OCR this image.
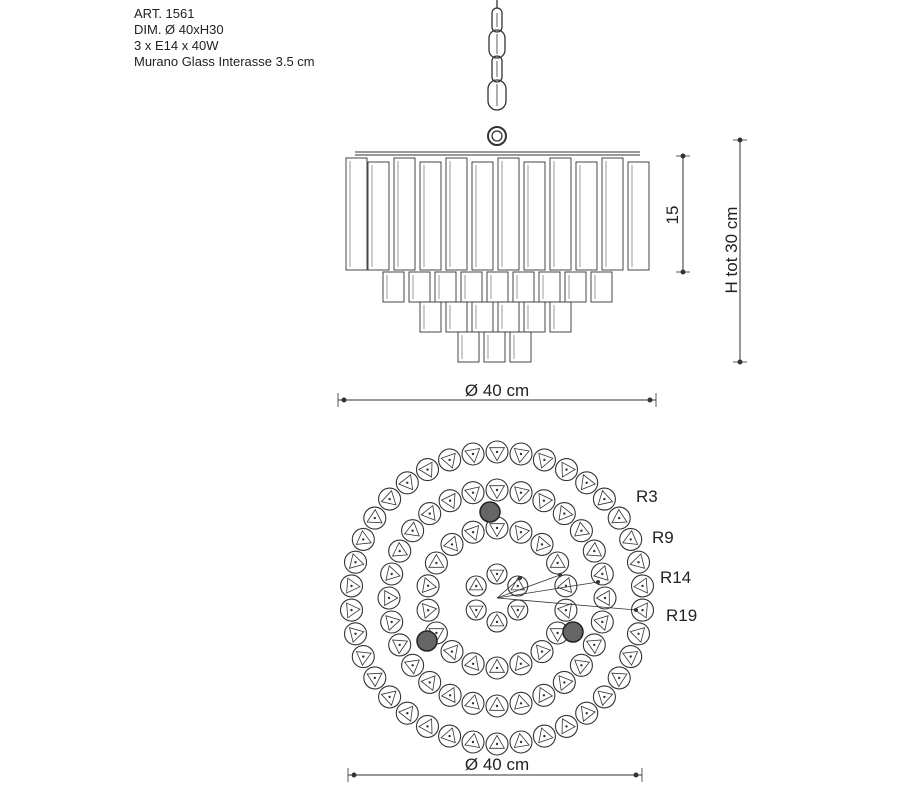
ART. 1561
DIM. Ø 40xH30
3 x E14 x 40W
Murano Glass Interasse 3.5 cm
15 H tot 30 cm
Ø 40 cm
R3
R9
R14
R19
Ø 40 cm
